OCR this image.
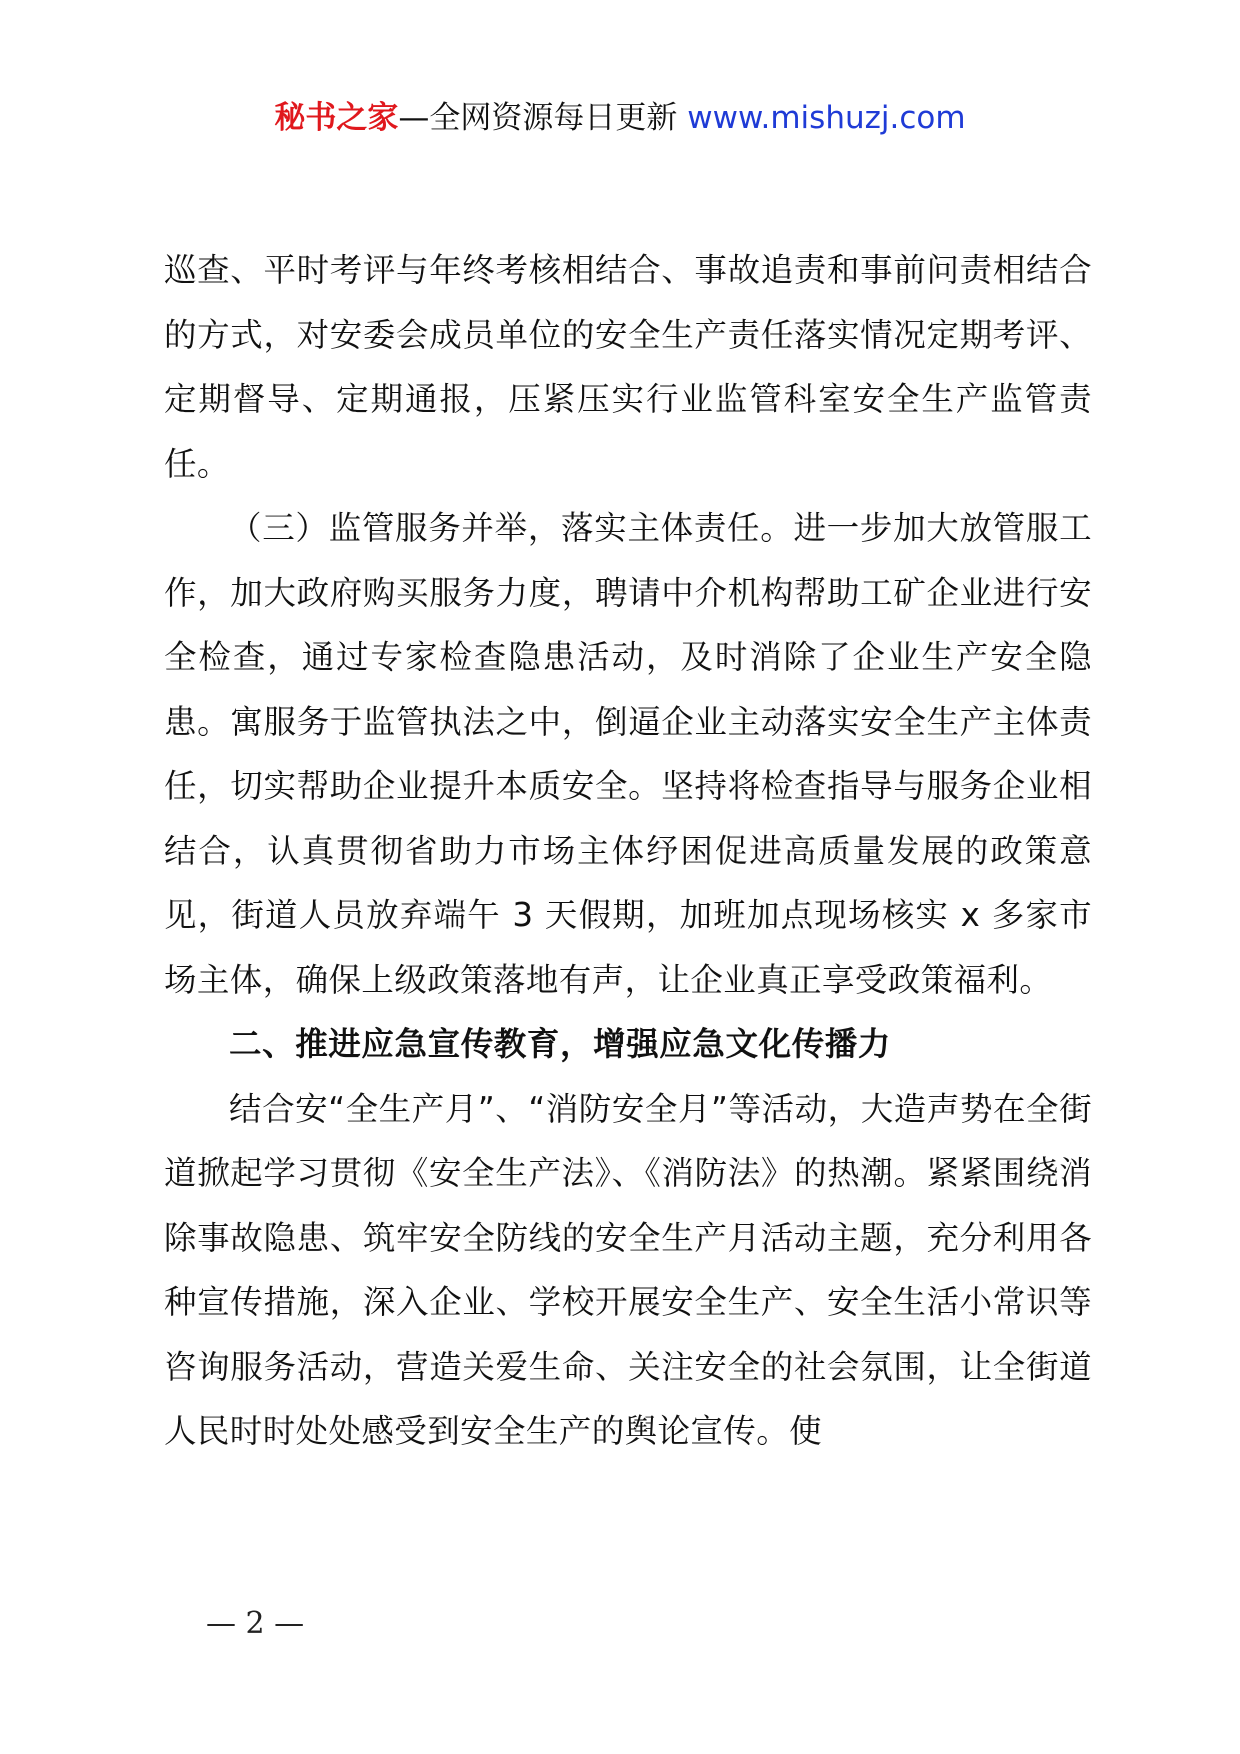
秘书之家—全网资源每日更新 www.mishuzj.com

巡查、平时考评与年终考核相结合、事故追责和事前问责相结合的方式，对安委会成员单位的安全生产责任落实情况定期考评、定期督导、定期通报，压紧压实行业监管科室安全生产监管责任。

（三）监管服务并举，落实主体责任。进一步加大放管服工作，加大政府购买服务力度，聘请中介机构帮助工矿企业进行安全检查，通过专家检查隐患活动，及时消除了企业生产安全隐患。寓服务于监管执法之中，倒逼企业主动落实安全生产主体责任，切实帮助企业提升本质安全。坚持将检查指导与服务企业相结合，认真贯彻省助力市场主体纾困促进高质量发展的政策意见，街道人员放弃端午 3 天假期，加班加点现场核实 x 多家市场主体，确保上级政策落地有声，让企业真正享受政策福利。

二、推进应急宣传教育，增强应急文化传播力

结合安“全生产月”、“消防安全月”等活动，大造声势在全街道掀起学习贯彻《安全生产法》、《消防法》的热潮。紧紧围绕消除事故隐患、筑牢安全防线的安全生产月活动主题，充分利用各种宣传措施，深入企业、学校开展安全生产、安全生活小常识等咨询服务活动，营造关爱生命、关注安全的社会氛围，让全街道人民时时处处感受到安全生产的舆论宣传。使

— 2 —
